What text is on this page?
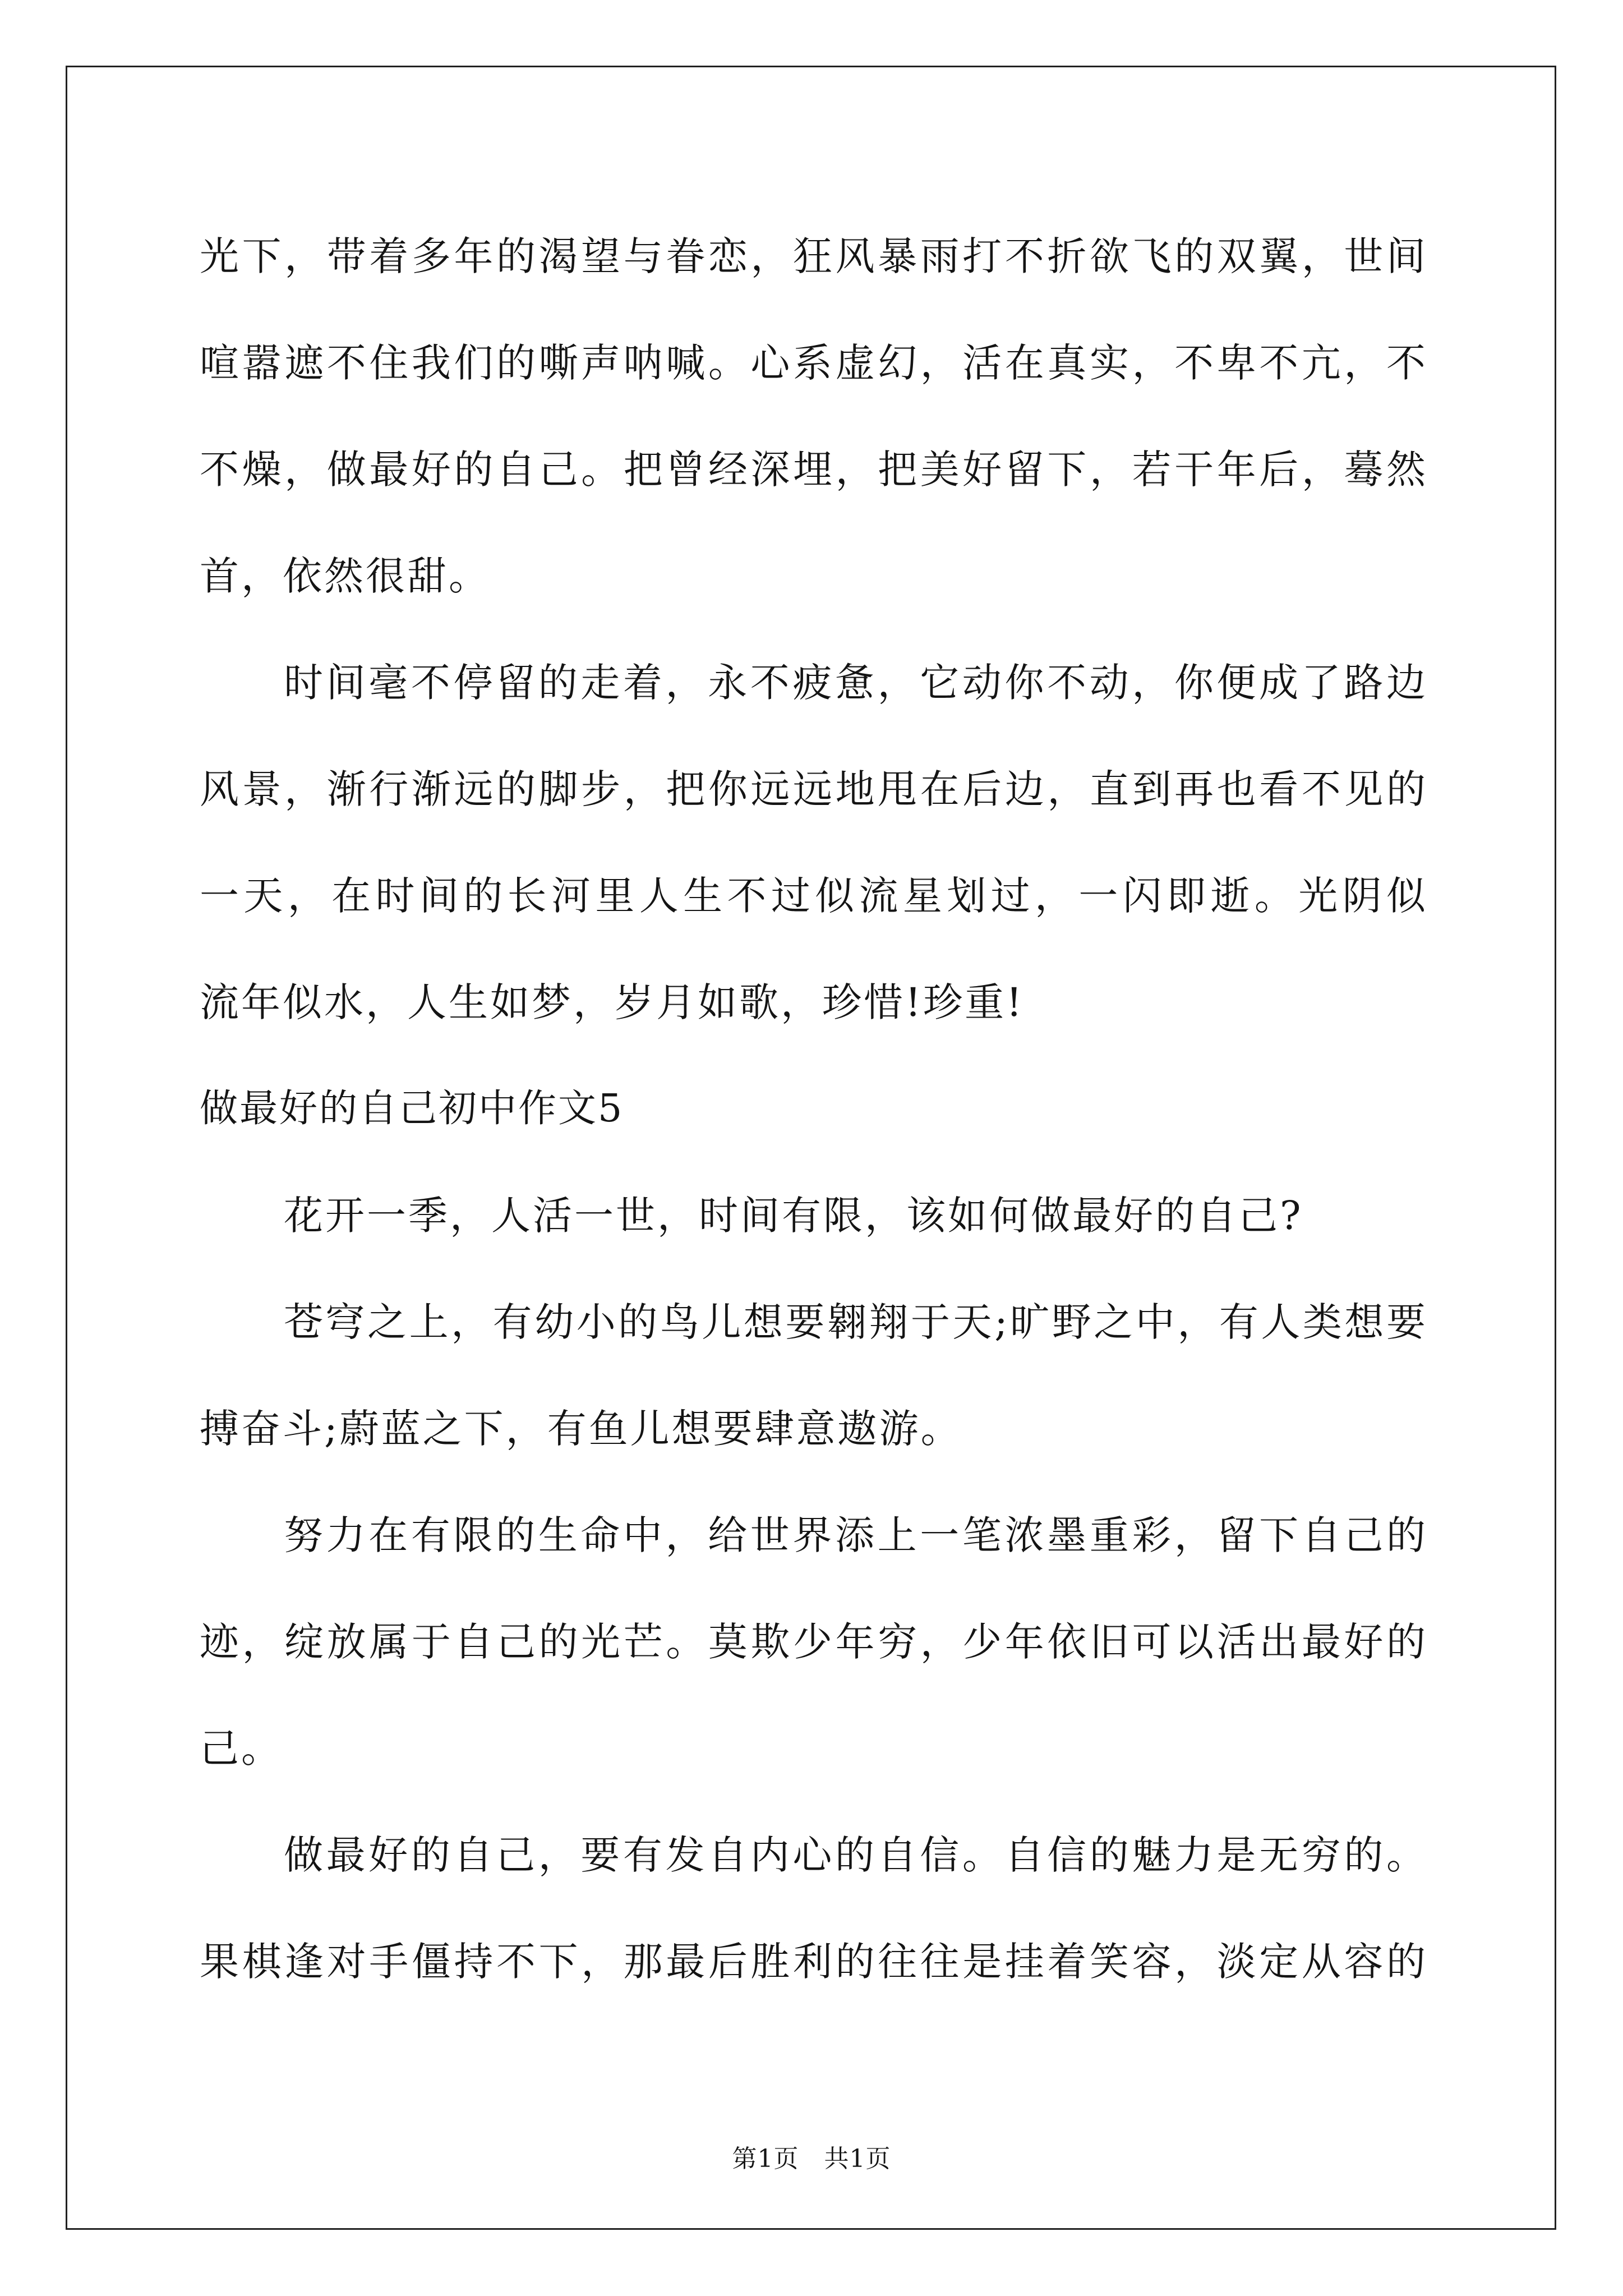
光下，带着多年的渴望与眷恋，狂风暴雨打不折欲飞的双翼，世间
喧嚣遮不住我们的嘶声呐喊。心系虚幻，活在真实，不卑不亢，不
不燥，做最好的自己。把曾经深埋，把美好留下，若干年后，蓦然
首，依然很甜。
时间毫不停留的走着，永不疲惫，它动你不动，你便成了路边
风景，渐行渐远的脚步，把你远远地甩在后边，直到再也看不见的
一天，在时间的长河里人生不过似流星划过，一闪即逝。光阴似
流年似水，人生如梦，岁月如歌，珍惜!珍重!
做最好的自己初中作文5
花开一季，人活一世，时间有限，该如何做最好的自己?
苍穹之上，有幼小的鸟儿想要翱翔于天;旷野之中，有人类想要
搏奋斗;蔚蓝之下，有鱼儿想要肆意遨游。
努力在有限的生命中，给世界添上一笔浓墨重彩，留下自己的
迹，绽放属于自己的光芒。莫欺少年穷，少年依旧可以活出最好的
己。
做最好的自己，要有发自内心的自信。自信的魅力是无穷的。
果棋逢对手僵持不下，那最后胜利的往往是挂着笑容，淡定从容的
第1页   共1页
